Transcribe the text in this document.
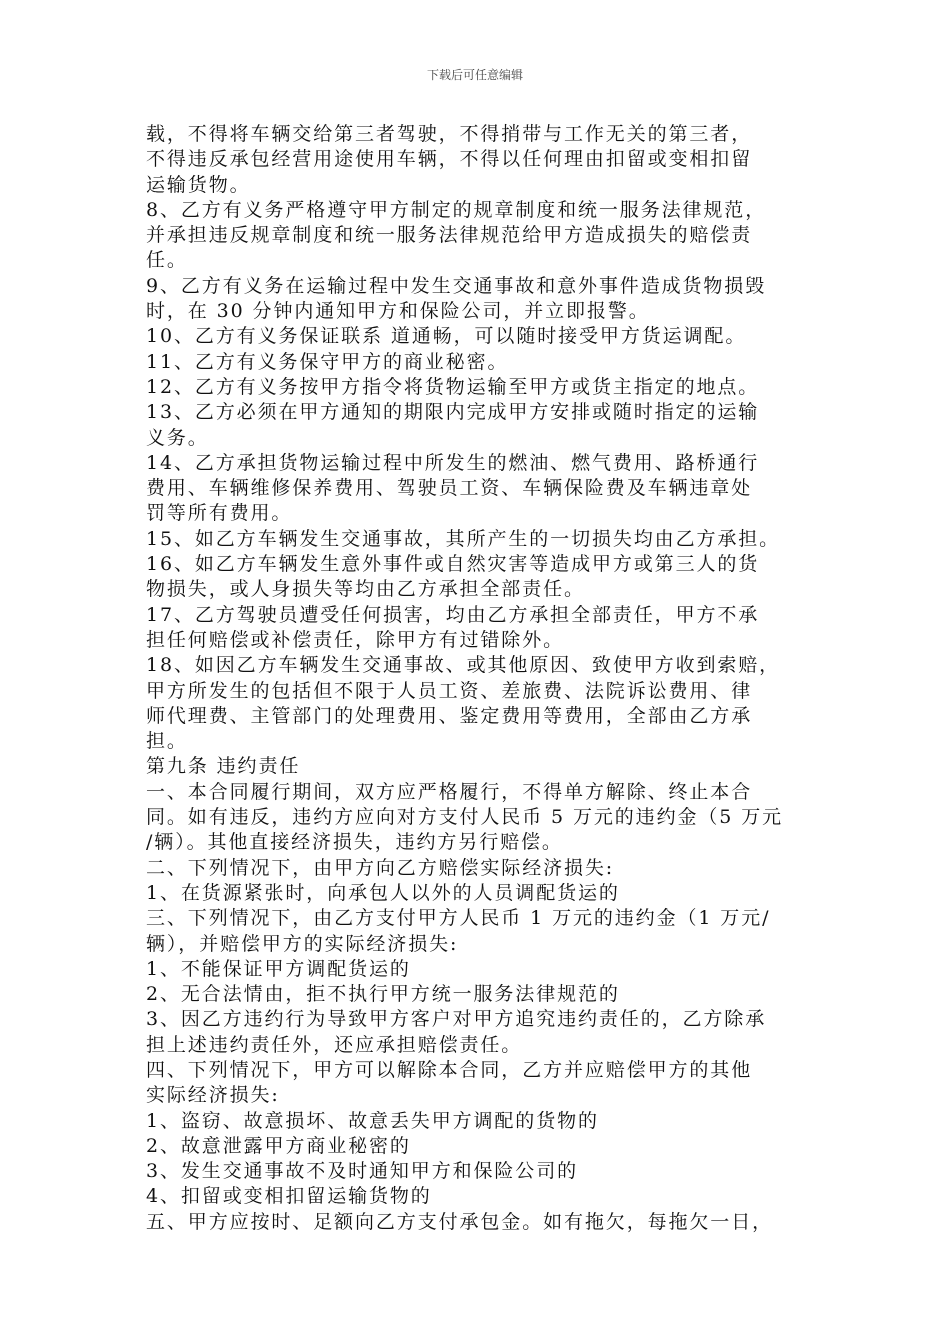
下载后可任意编辑
载，不得将车辆交给第三者驾驶，不得捎带与工作无关的第三者，
不得违反承包经营用途使用车辆，不得以任何理由扣留或变相扣留
运输货物。
8、乙方有义务严格遵守甲方制定的规章制度和统一服务法律规范，
并承担违反规章制度和统一服务法律规范给甲方造成损失的赔偿责
任。
9、乙方有义务在运输过程中发生交通事故和意外事件造成货物损毁
时，在 30 分钟内通知甲方和保险公司，并立即报警。
10、乙方有义务保证联系 道通畅，可以随时接受甲方货运调配。
11、乙方有义务保守甲方的商业秘密。
12、乙方有义务按甲方指令将货物运输至甲方或货主指定的地点。
13、乙方必须在甲方通知的期限内完成甲方安排或随时指定的运输
义务。
14、乙方承担货物运输过程中所发生的燃油、燃气费用、路桥通行
费用、车辆维修保养费用、驾驶员工资、车辆保险费及车辆违章处
罚等所有费用。
15、如乙方车辆发生交通事故，其所产生的一切损失均由乙方承担。
16、如乙方车辆发生意外事件或自然灾害等造成甲方或第三人的货
物损失，或人身损失等均由乙方承担全部责任。
17、乙方驾驶员遭受任何损害，均由乙方承担全部责任，甲方不承
担任何赔偿或补偿责任，除甲方有过错除外。
18、如因乙方车辆发生交通事故、或其他原因、致使甲方收到索赔，
甲方所发生的包括但不限于人员工资、差旅费、法院诉讼费用、律
师代理费、主管部门的处理费用、鉴定费用等费用，全部由乙方承
担。
第九条 违约责任
一、本合同履行期间，双方应严格履行，不得单方解除、终止本合
同。如有违反，违约方应向对方支付人民币 5 万元的违约金（5 万元
/辆）。其他直接经济损失，违约方另行赔偿。
二、下列情况下，由甲方向乙方赔偿实际经济损失:
1、在货源紧张时，向承包人以外的人员调配货运的
三、下列情况下，由乙方支付甲方人民币 1 万元的违约金（1 万元/
辆），并赔偿甲方的实际经济损失:
1、不能保证甲方调配货运的
2、无合法情由，拒不执行甲方统一服务法律规范的
3、因乙方违约行为导致甲方客户对甲方追究违约责任的，乙方除承
担上述违约责任外，还应承担赔偿责任。
四、下列情况下，甲方可以解除本合同，乙方并应赔偿甲方的其他
实际经济损失:
1、盗窃、故意损坏、故意丢失甲方调配的货物的
2、故意泄露甲方商业秘密的
3、发生交通事故不及时通知甲方和保险公司的
4、扣留或变相扣留运输货物的
五、甲方应按时、足额向乙方支付承包金。如有拖欠，每拖欠一日，
